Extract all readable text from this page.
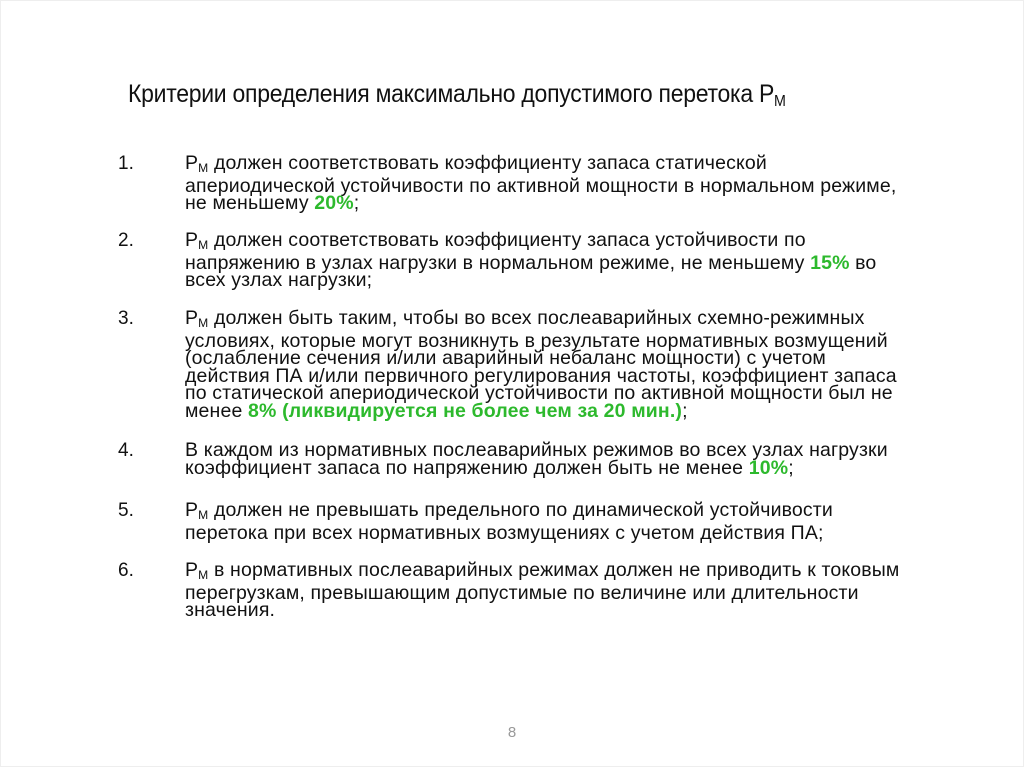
Критерии определения максимально допустимого перетока $P_М$
1.	$P_М$ должен соответствовать коэффициенту запаса статической
апериодической устойчивости по активной мощности в нормальном режиме,
не меньшему 20%;
2.	$P_М$ должен соответствовать коэффициенту запаса устойчивости по
напряжению в узлах нагрузки в нормальном режиме, не меньшему 15% во
всех узлах нагрузки;
3.	$P_М$ должен быть таким, чтобы во всех послеаварийных схемно-режимных
условиях, которые могут возникнуть в результате нормативных возмущений
(ослабление сечения и/или аварийный небаланс мощности) с учетом
действия ПА и/или первичного регулирования частоты, коэффициент запаса
по статической апериодической устойчивости по активной мощности был не
менее 8% (ликвидируется не более чем за 20 мин.);
4.	В каждом из нормативных послеаварийных режимов во всех узлах нагрузки
коэффициент запаса по напряжению должен быть не менее 10%;
5.	$P_М$ должен не превышать предельного по динамической устойчивости
перетока при всех нормативных возмущениях с учетом действия ПА;
6.	$P_М$ в нормативных послеаварийных режимах должен не приводить к токовым
перегрузкам, превышающим допустимые по величине или длительности
значения.
8
